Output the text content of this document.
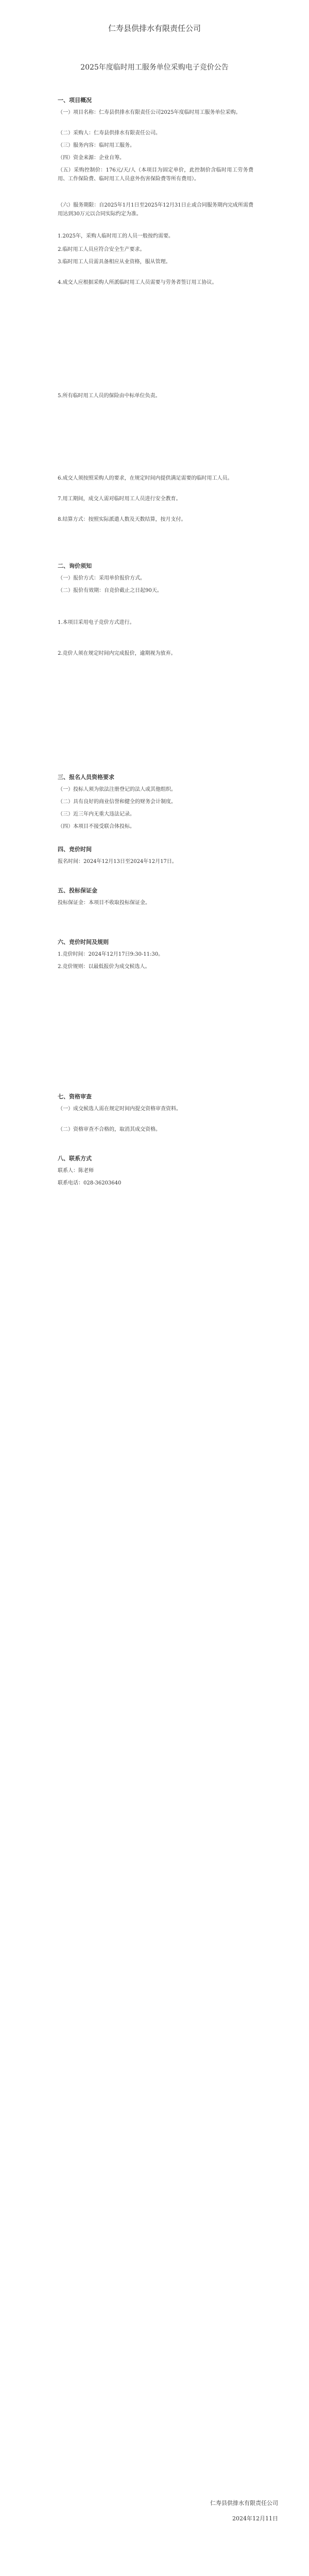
仁寿县供排水有限责任公司
2025年度临时用工服务单位采购电子竞价公告
一、项目概况
（一）项目名称：仁寿县供排水有限责任公司2025年度临时用工服务单位采购。
（二）采购人：仁寿县供排水有限责任公司。
（三）服务内容：临时用工服务。
（四）资金来源：企业自筹。
（五）采购控制价：176元/天/人（本项目为固定单价，此控制价含临时用工劳务费用、工作保险费、临时用工人员意外伤害保险费等所有费用）。
（六）服务期限：自2025年1月1日至2025年12月31日止或合同服务期内完成所需费用达到30万元以合同实际约定为准。
1.2025年，采购人临时用工的人员一般按约需要。
2.临时用工人员应符合安全生产要求。
3.临时用工人员需具备相应从业资格，服从管理。
4.成交人应根据采购人所派临时用工人员需要与劳务者签订用工协议。
5.所有临时用工人员的保险由中标单位负责。
6.成交人须按照采购人的要求，在规定时间内提供满足需要的临时用工人员。
7.用工期间，成交人需对临时用工人员进行安全教育。
8.结算方式：按照实际派遣人数及天数结算，按月支付。
二、询价须知
（一）报价方式：采用单价报价方式。
（二）报价有效期：自竞价截止之日起90天。
1.本项目采用电子竞价方式进行。
2.竞价人须在规定时间内完成报价，逾期视为放弃。
三、报名人员资格要求
（一）投标人须为依法注册登记的法人或其他组织。
（二）具有良好的商业信誉和健全的财务会计制度。
（三）近三年内无重大违法记录。
（四）本项目不接受联合体投标。
四、竞价时间
报名时间：2024年12月13日至2024年12月17日。
五、投标保证金
投标保证金：本项目不收取投标保证金。
六、竞价时间及规则
1.竞价时间：2024年12月17日9:30-11:30。
2.竞价规则：以最低报价为成交候选人。
七、资格审查
（一）成交候选人需在规定时间内提交资格审查资料。
（二）资格审查不合格的，取消其成交资格。
八、联系方式
联系人：陈老师
联系电话：028-36203640
仁寿县供排水有限责任公司
2024年12月11日
